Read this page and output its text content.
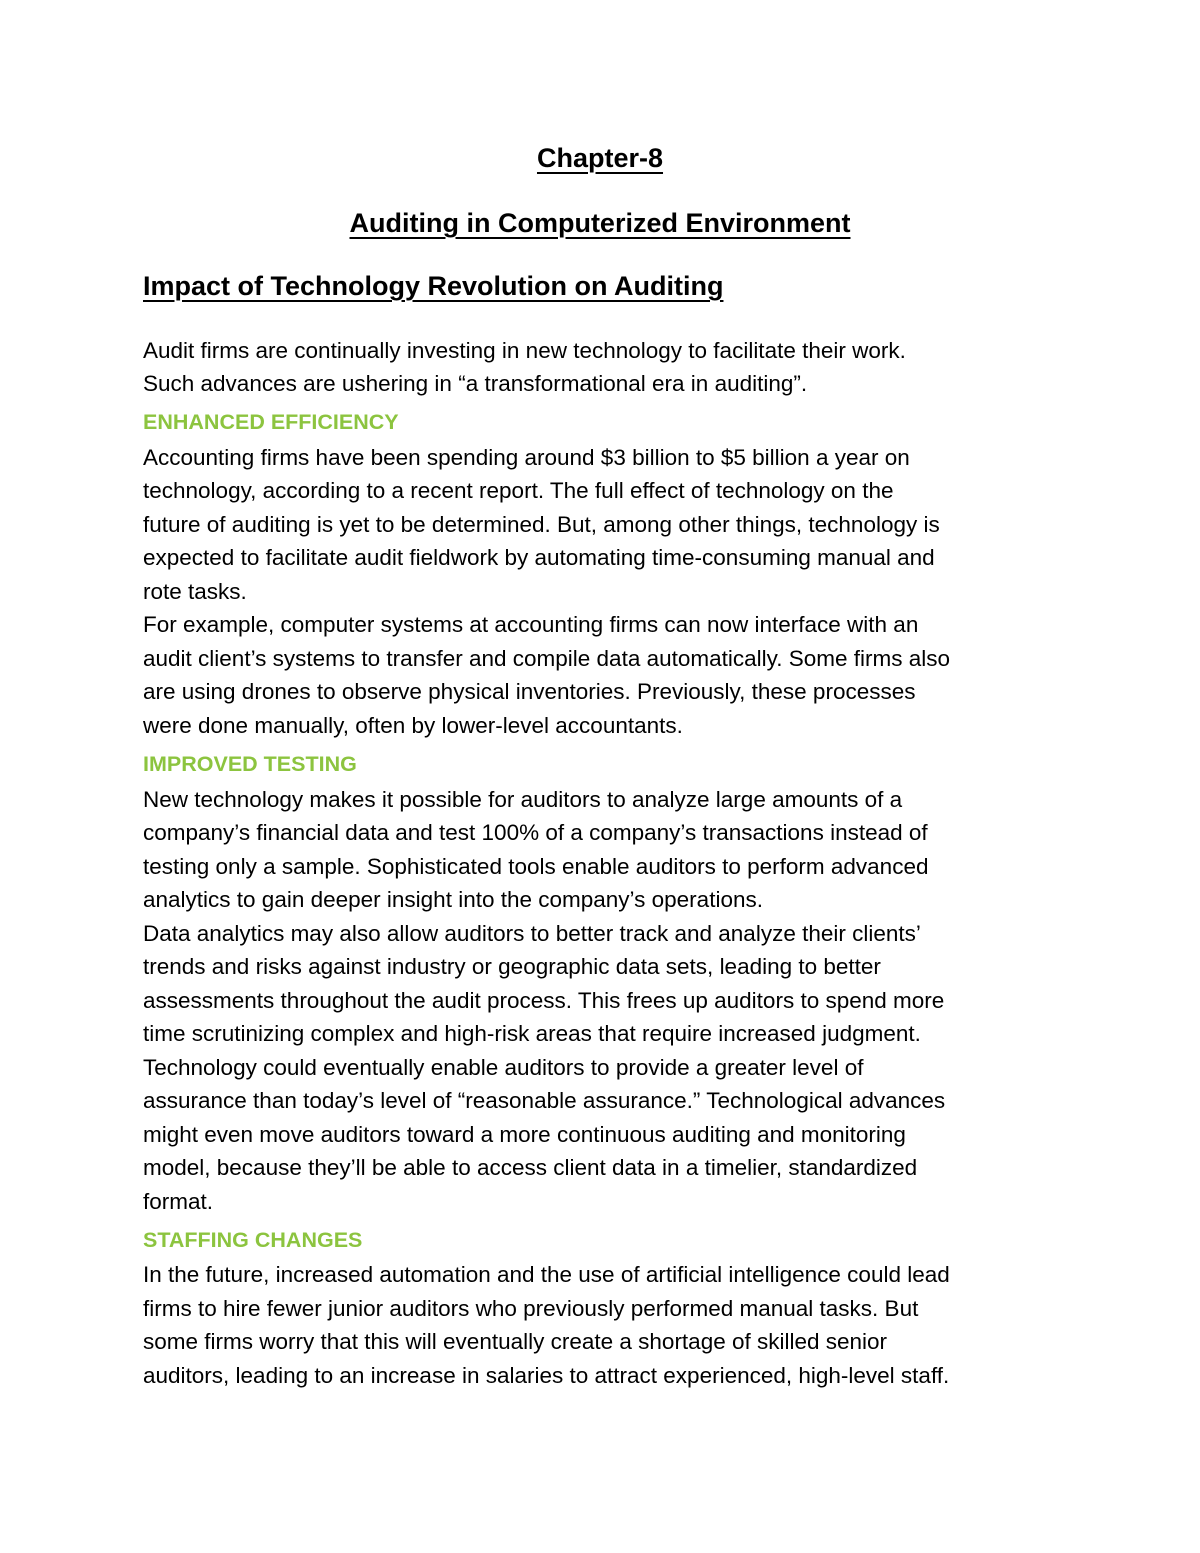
Chapter-8
Auditing in Computerized Environment
Impact of Technology Revolution on Auditing
Audit firms are continually investing in new technology to facilitate their work.
Such advances are ushering in “a transformational era in auditing”.
ENHANCED EFFICIENCY
Accounting firms have been spending around $3 billion to $5 billion a year on
technology, according to a recent report. The full effect of technology on the
future of auditing is yet to be determined. But, among other things, technology is
expected to facilitate audit fieldwork by automating time-consuming manual and
rote tasks.
For example, computer systems at accounting firms can now interface with an
audit client’s systems to transfer and compile data automatically. Some firms also
are using drones to observe physical inventories. Previously, these processes
were done manually, often by lower-level accountants.
IMPROVED TESTING
New technology makes it possible for auditors to analyze large amounts of a
company’s financial data and test 100% of a company’s transactions instead of
testing only a sample. Sophisticated tools enable auditors to perform advanced
analytics to gain deeper insight into the company’s operations.
Data analytics may also allow auditors to better track and analyze their clients’
trends and risks against industry or geographic data sets, leading to better
assessments throughout the audit process. This frees up auditors to spend more
time scrutinizing complex and high-risk areas that require increased judgment.
Technology could eventually enable auditors to provide a greater level of
assurance than today’s level of “reasonable assurance.” Technological advances
might even move auditors toward a more continuous auditing and monitoring
model, because they’ll be able to access client data in a timelier, standardized
format.
STAFFING CHANGES
In the future, increased automation and the use of artificial intelligence could lead
firms to hire fewer junior auditors who previously performed manual tasks. But
some firms worry that this will eventually create a shortage of skilled senior
auditors, leading to an increase in salaries to attract experienced, high-level staff.
